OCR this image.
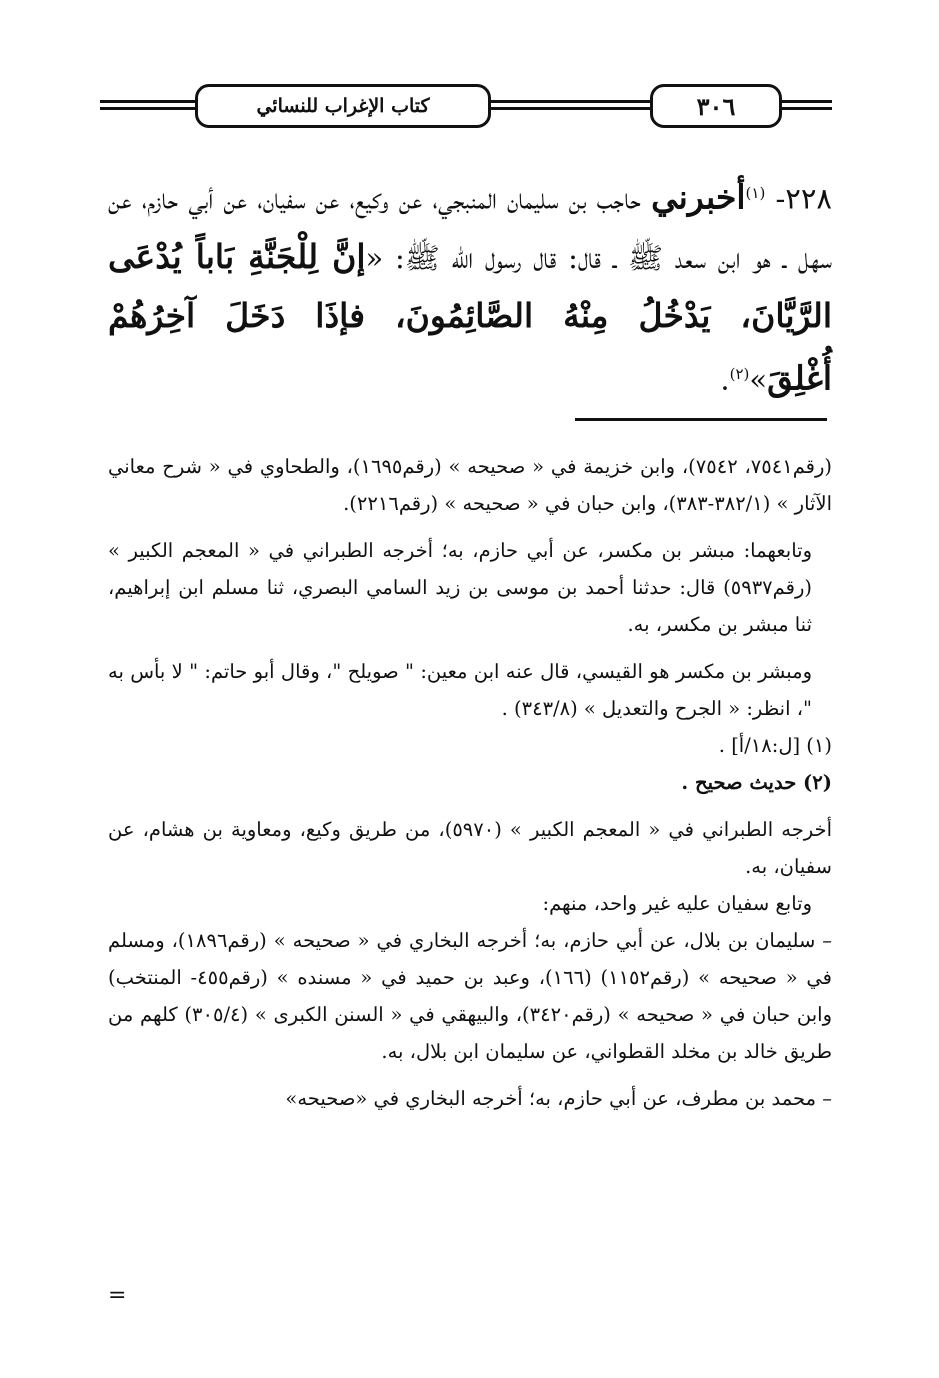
كتاب الإغراب للنسائي	٣٠٦

٢٢٨- $^{(١)}$أخبرني حاجب بن سليمان المنبجي، عن وكيع، عن سفيان، عن أبي حازم، عن سهل ـ هو ابن سعد ﷺ ـ قال: قال رسول الله ﷺ: «إنَّ لِلْجَنَّةِ بَاباً يُدْعَى الرَّيَّانَ، يَدْخُلُ مِنْهُ الصَّائِمُونَ، فإذَا دَخَلَ آخِرُهُمْ أُغْلِقَ»$^{(٢)}$.

(رقم٧٥٤١، ٧٥٤٢)، وابن خزيمة في « صحيحه » (رقم١٦٩٥)، والطحاوي في « شرح معاني الآثار » (٣٨٢/١-٣٨٣)، وابن حبان في « صحيحه » (رقم٢٢١٦).

وتابعهما: مبشر بن مكسر، عن أبي حازم، به؛ أخرجه الطبراني في « المعجم الكبير » (رقم٥٩٣٧) قال: حدثنا أحمد بن موسى بن زيد السامي البصري، ثنا مسلم ابن إبراهيم، ثنا مبشر بن مكسر، به.

ومبشر بن مكسر هو القيسي، قال عنه ابن معين: " صويلح "، وقال أبو حاتم: " لا بأس به "، انظر: « الجرح والتعديل » (٣٤٣/٨) .

(١) [ل:١٨/أ] .

(٢) حديث صحيح .

أخرجه الطبراني في « المعجم الكبير » (٥٩٧٠)، من طريق وكيع، ومعاوية بن هشام، عن سفيان، به.

وتابع سفيان عليه غير واحد، منهم:

– سليمان بن بلال، عن أبي حازم، به؛ أخرجه البخاري في « صحيحه » (رقم١٨٩٦)، ومسلم في « صحيحه » (رقم١١٥٢) (١٦٦)، وعبد بن حميد في « مسنده » (رقم٤٥٥- المنتخب) وابن حبان في « صحيحه » (رقم٣٤٢٠)، والبيهقي في « السنن الكبرى » (٣٠٥/٤) كلهم من طريق خالد بن مخلد القطواني، عن سليمان ابن بلال، به.

– محمد بن مطرف، عن أبي حازم، به؛ أخرجه البخاري في «صحيحه»

=
